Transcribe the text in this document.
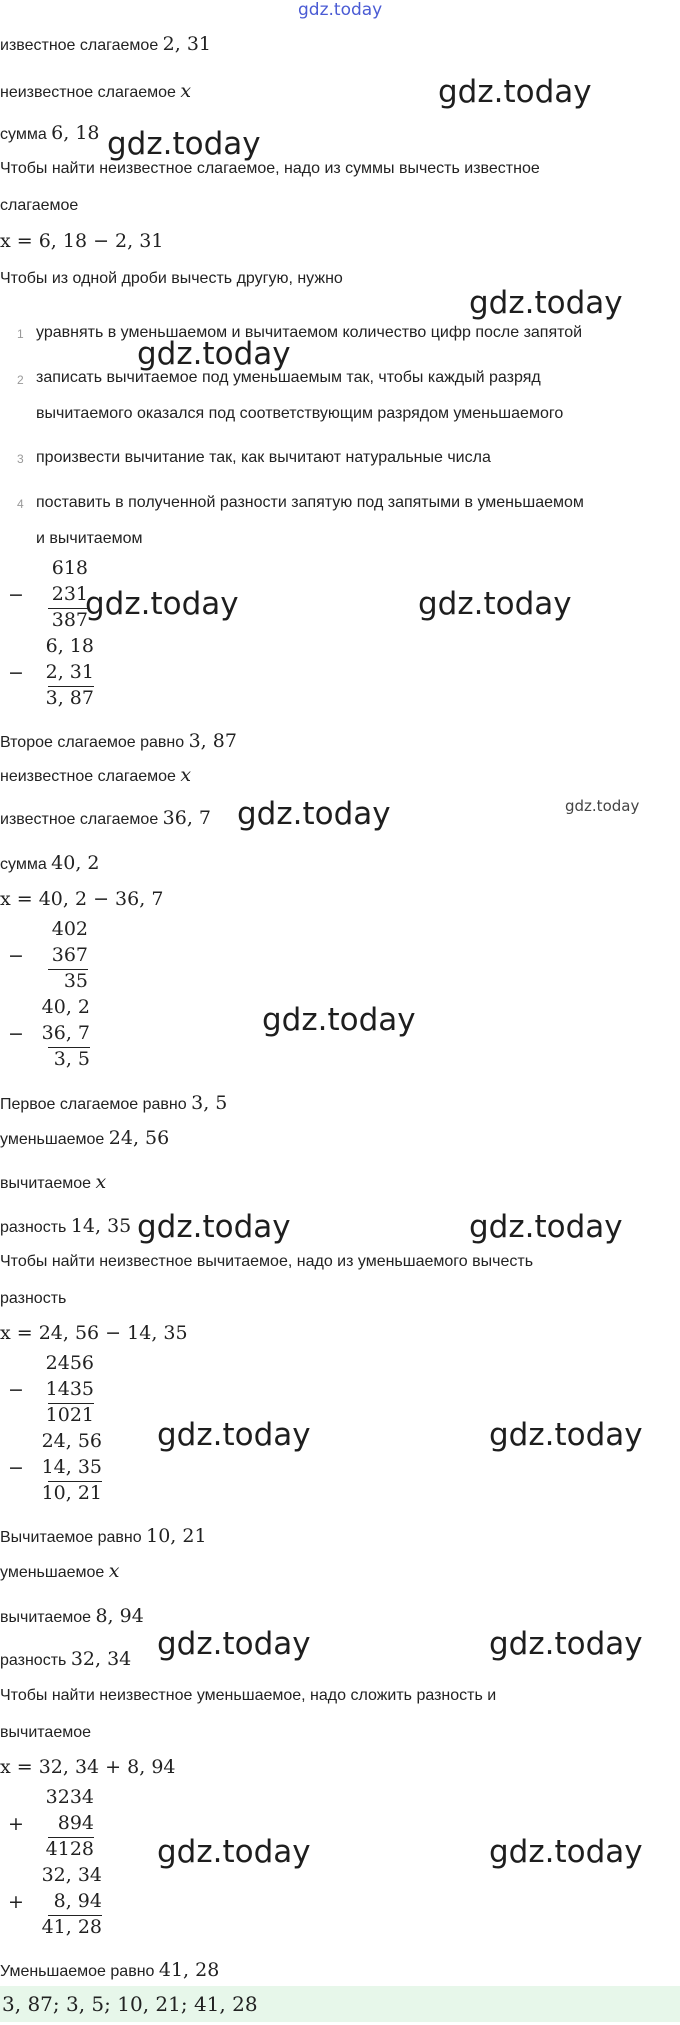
gdz.today
известное слагаемое 2, 31
неизвестное слагаемое x	gdz.today
сумма 6, 18 gdz.today
Чтобы найти неизвестное слагаемое, надо из суммы вычесть известное
слагаемое
x = 6, 18 − 2, 31
Чтобы из одной дроби вычесть другую, нужно
gdz.today
1 уравнять в уменьшаемом и вычитаемом количество цифр после запятой
gdz.today
2 записать вычитаемое под уменьшаемым так, чтобы каждый разряд
вычитаемого оказался под соответствующим разрядом уменьшаемого
3 произвести вычитание так, как вычитают натуральные числа
4 поставить в полученной разности запятую под запятыми в уменьшаемом
и вычитаемом
−
618
231
387
gdz.today	gdz.today
−
6, 18
2, 31
3, 87
Второе слагаемое равно 3, 87
неизвестное слагаемое x
известное слагаемое 36, 7 gdz.today	gdz.today
сумма 40, 2
x = 40, 2 − 36, 7
−
402
367
35
−
40, 2
36, 7
3, 5
gdz.today
Первое слагаемое равно 3, 5
уменьшаемое 24, 56
вычитаемое x
разность 14, 35 gdz.today	gdz.today
Чтобы найти неизвестное вычитаемое, надо из уменьшаемого вычесть
разность
x = 24, 56 − 14, 35
−
2456
1435
1021
−
24, 56
14, 35
10, 21
gdz.today	gdz.today
Вычитаемое равно 10, 21
уменьшаемое x
вычитаемое 8, 94
разность 32, 34 gdz.today	gdz.today
Чтобы найти неизвестное уменьшаемое, надо сложить разность и
вычитаемое
x = 32, 34 + 8, 94
+
3234
894
4128
+
32, 34
8, 94
41, 28
gdz.today	gdz.today
Уменьшаемое равно 41, 28
3, 87; 3, 5; 10, 21; 41, 28
